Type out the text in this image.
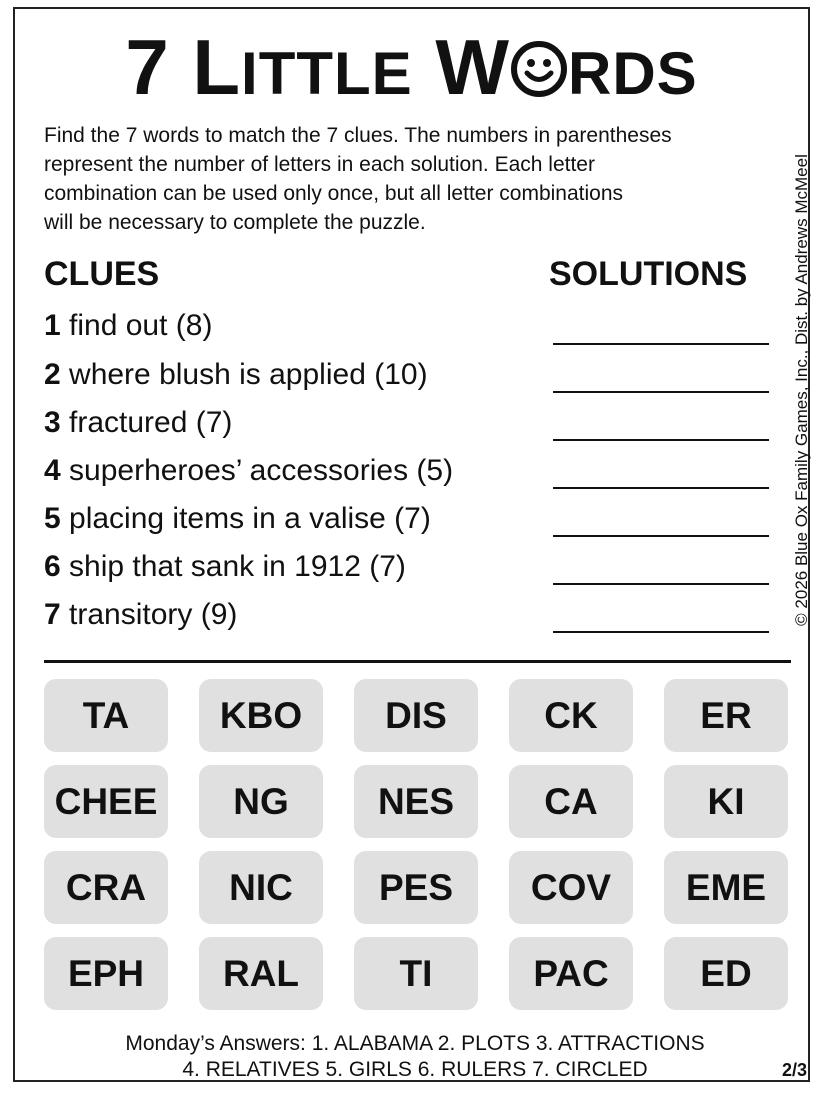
7 LITTLE W RDS
Find the 7 words to match the 7 clues. The numbers in parentheses
represent the number of letters in each solution. Each letter
combination can be used only once, but all letter combinations
will be necessary to complete the puzzle.
CLUES	SOLUTIONS
1 find out (8)
2 where blush is applied (10)
3 fractured (7)
4 superheroes’ accessories (5)
5 placing items in a valise (7)
6 ship that sank in 1912 (7)
7 transitory (9)	© 2026 Blue Ox Family Games, Inc., Dist. by Andrews McMeel
TA	KBO	DIS	CK	ER
CHEE	NG	NES	CA	KI
CRA	NIC	PES	COV	EME
EPH	RAL	TI	PAC	ED
Monday’s Answers: 1. ALABAMA 2. PLOTS 3. ATTRACTIONS
4. RELATIVES 5. GIRLS 6. RULERS 7. CIRCLED	2/3
